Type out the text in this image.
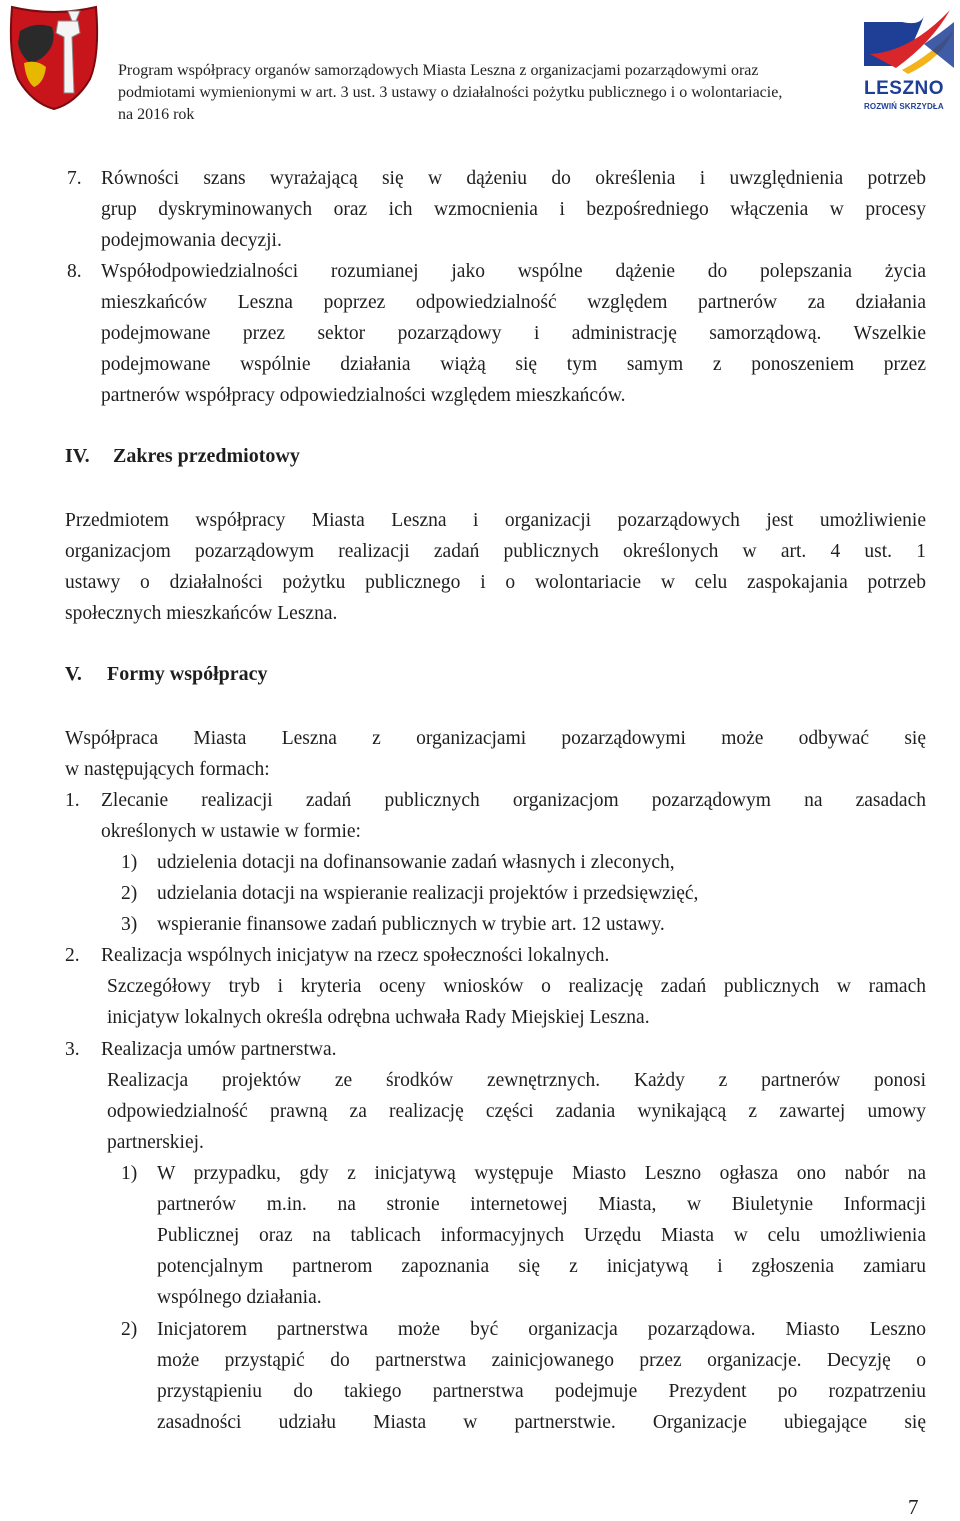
Program współpracy organów samorządowych Miasta Leszna z organizacjami pozarządowymi oraz
podmiotami wymienionymi w art. 3 ust. 3 ustawy o działalności pożytku publicznego i o wolontariacie,
na 2016 rok
LESZNO
ROZWIŃ SKRZYDŁA
7. Równości szans wyrażającą się w dążeniu do określenia i uwzględnienia potrzeb
grup dyskryminowanych oraz ich wzmocnienia i bezpośredniego włączenia w procesy
podejmowania decyzji.
8. Współodpowiedzialności rozumianej jako wspólne dążenie do polepszania życia
mieszkańców Leszna poprzez odpowiedzialność względem partnerów za działania
podejmowane przez sektor pozarządowy i administrację samorządową. Wszelkie
podejmowane wspólnie działania wiążą się tym samym z ponoszeniem przez
partnerów współpracy odpowiedzialności względem mieszkańców.
IV. Zakres przedmiotowy
Przedmiotem współpracy Miasta Leszna i organizacji pozarządowych jest umożliwienie
organizacjom pozarządowym realizacji zadań publicznych określonych w art. 4 ust. 1
ustawy o działalności pożytku publicznego i o wolontariacie w celu zaspokajania potrzeb
społecznych mieszkańców Leszna.
V. Formy współpracy
Współpraca Miasta Leszna z organizacjami pozarządowymi może odbywać się
w następujących formach:
1. Zlecanie realizacji zadań publicznych organizacjom pozarządowym na zasadach
określonych w ustawie w formie:
1) udzielenia dotacji na dofinansowanie zadań własnych i zleconych,
2) udzielania dotacji na wspieranie realizacji projektów i przedsięwzięć,
3) wspieranie finansowe zadań publicznych w trybie art. 12 ustawy.
2. Realizacja wspólnych inicjatyw na rzecz społeczności lokalnych.
Szczegółowy tryb i kryteria oceny wniosków o realizację zadań publicznych w ramach
inicjatyw lokalnych określa odrębna uchwała Rady Miejskiej Leszna.
3. Realizacja umów partnerstwa.
Realizacja projektów ze środków zewnętrznych. Każdy z partnerów ponosi
odpowiedzialność prawną za realizację części zadania wynikającą z zawartej umowy
partnerskiej.
1) W przypadku, gdy z inicjatywą występuje Miasto Leszno ogłasza ono nabór na
partnerów m.in. na stronie internetowej Miasta, w Biuletynie Informacji
Publicznej oraz na tablicach informacyjnych Urzędu Miasta w celu umożliwienia
potencjalnym partnerom zapoznania się z inicjatywą i zgłoszenia zamiaru
wspólnego działania.
2) Inicjatorem partnerstwa może być organizacja pozarządowa. Miasto Leszno
może przystąpić do partnerstwa zainicjowanego przez organizacje. Decyzję o
przystąpieniu do takiego partnerstwa podejmuje Prezydent po rozpatrzeniu
zasadności udziału Miasta w partnerstwie. Organizacje ubiegające się
7
